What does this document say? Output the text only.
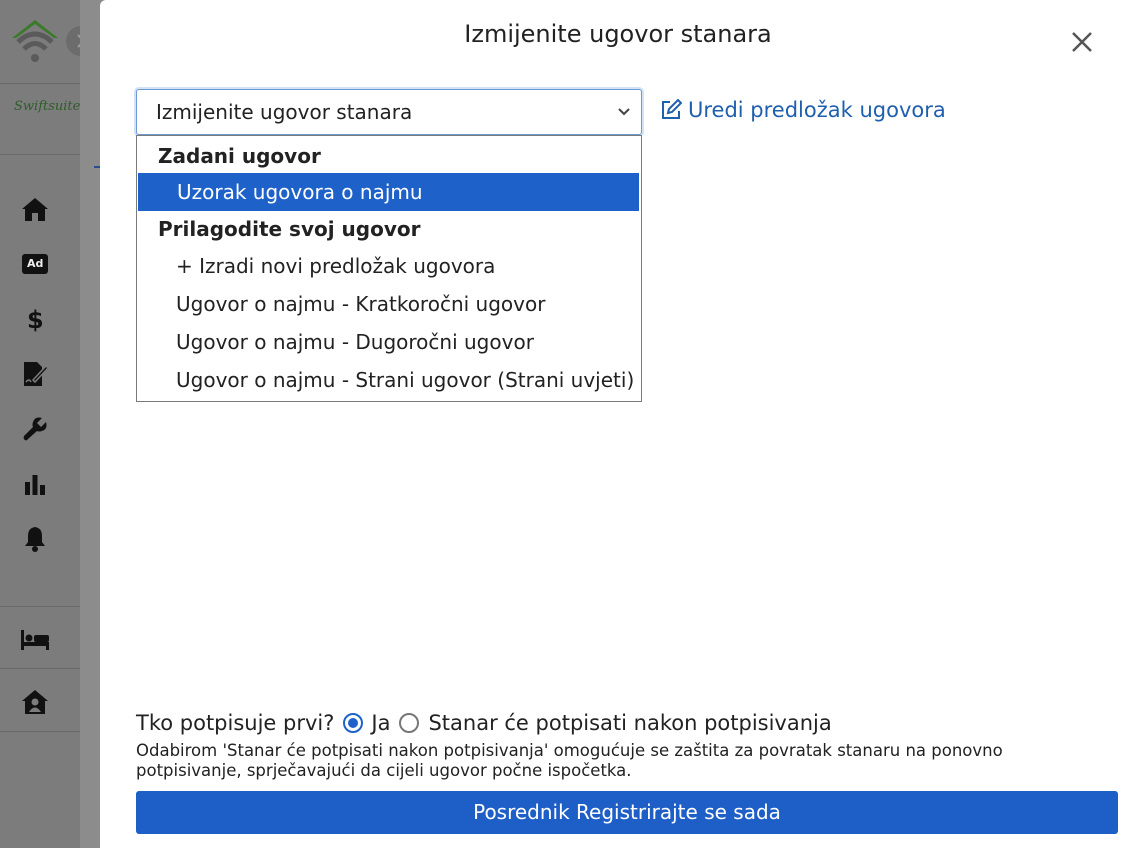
Swiftsuite
Ad
$
Izmijenite ugovor stanara
Izmijenite ugovor stanara	Uredi predložak ugovora
Zadani ugovor
Uzorak ugovora o najmu
Prilagodite svoj ugovor
+ Izradi novi predložak ugovora
Ugovor o najmu - Kratkoročni ugovor
Ugovor o najmu - Dugoročni ugovor
Ugovor o najmu - Strani ugovor (Strani uvjeti)
Tko potpisuje prvi? Ja Stanar će potpisati nakon potpisivanja
Odabirom 'Stanar će potpisati nakon potpisivanja' omogućuje se zaštita za povratak stanaru na ponovno potpisivanje, sprječavajući da cijeli ugovor počne ispočetka.
Posrednik Registrirajte se sada
